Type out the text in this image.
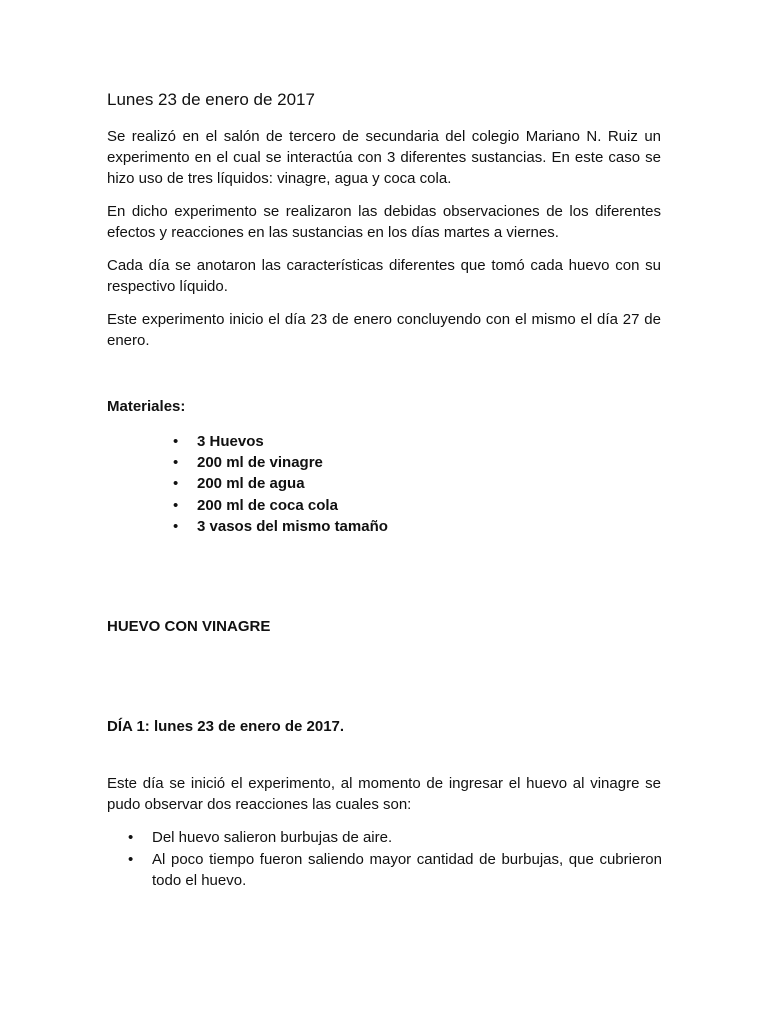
Lunes 23 de enero de 2017

Se realizó en el salón de tercero de secundaria del colegio Mariano N. Ruiz un
experimento en el cual se interactúa con 3 diferentes sustancias. En este caso se
hizo uso de tres líquidos: vinagre, agua y coca cola.

En dicho experimento se realizaron las debidas observaciones de los diferentes
efectos y reacciones en las sustancias en los días martes a viernes.

Cada día se anotaron las características diferentes que tomó cada huevo con su
respectivo líquido.

Este experimento inicio el día 23 de enero concluyendo con el mismo el día 27 de
enero.

Materiales:

• 3 Huevos
• 200 ml de vinagre
• 200 ml de agua
• 200 ml de coca cola
• 3 vasos del mismo tamaño

HUEVO CON VINAGRE

DÍA 1: lunes 23 de enero de 2017.

Este día se inició el experimento, al momento de ingresar el huevo al vinagre se
pudo observar dos reacciones las cuales son:

• Del huevo salieron burbujas de aire.
• Al poco tiempo fueron saliendo mayor cantidad de burbujas, que cubrieron
todo el huevo.
